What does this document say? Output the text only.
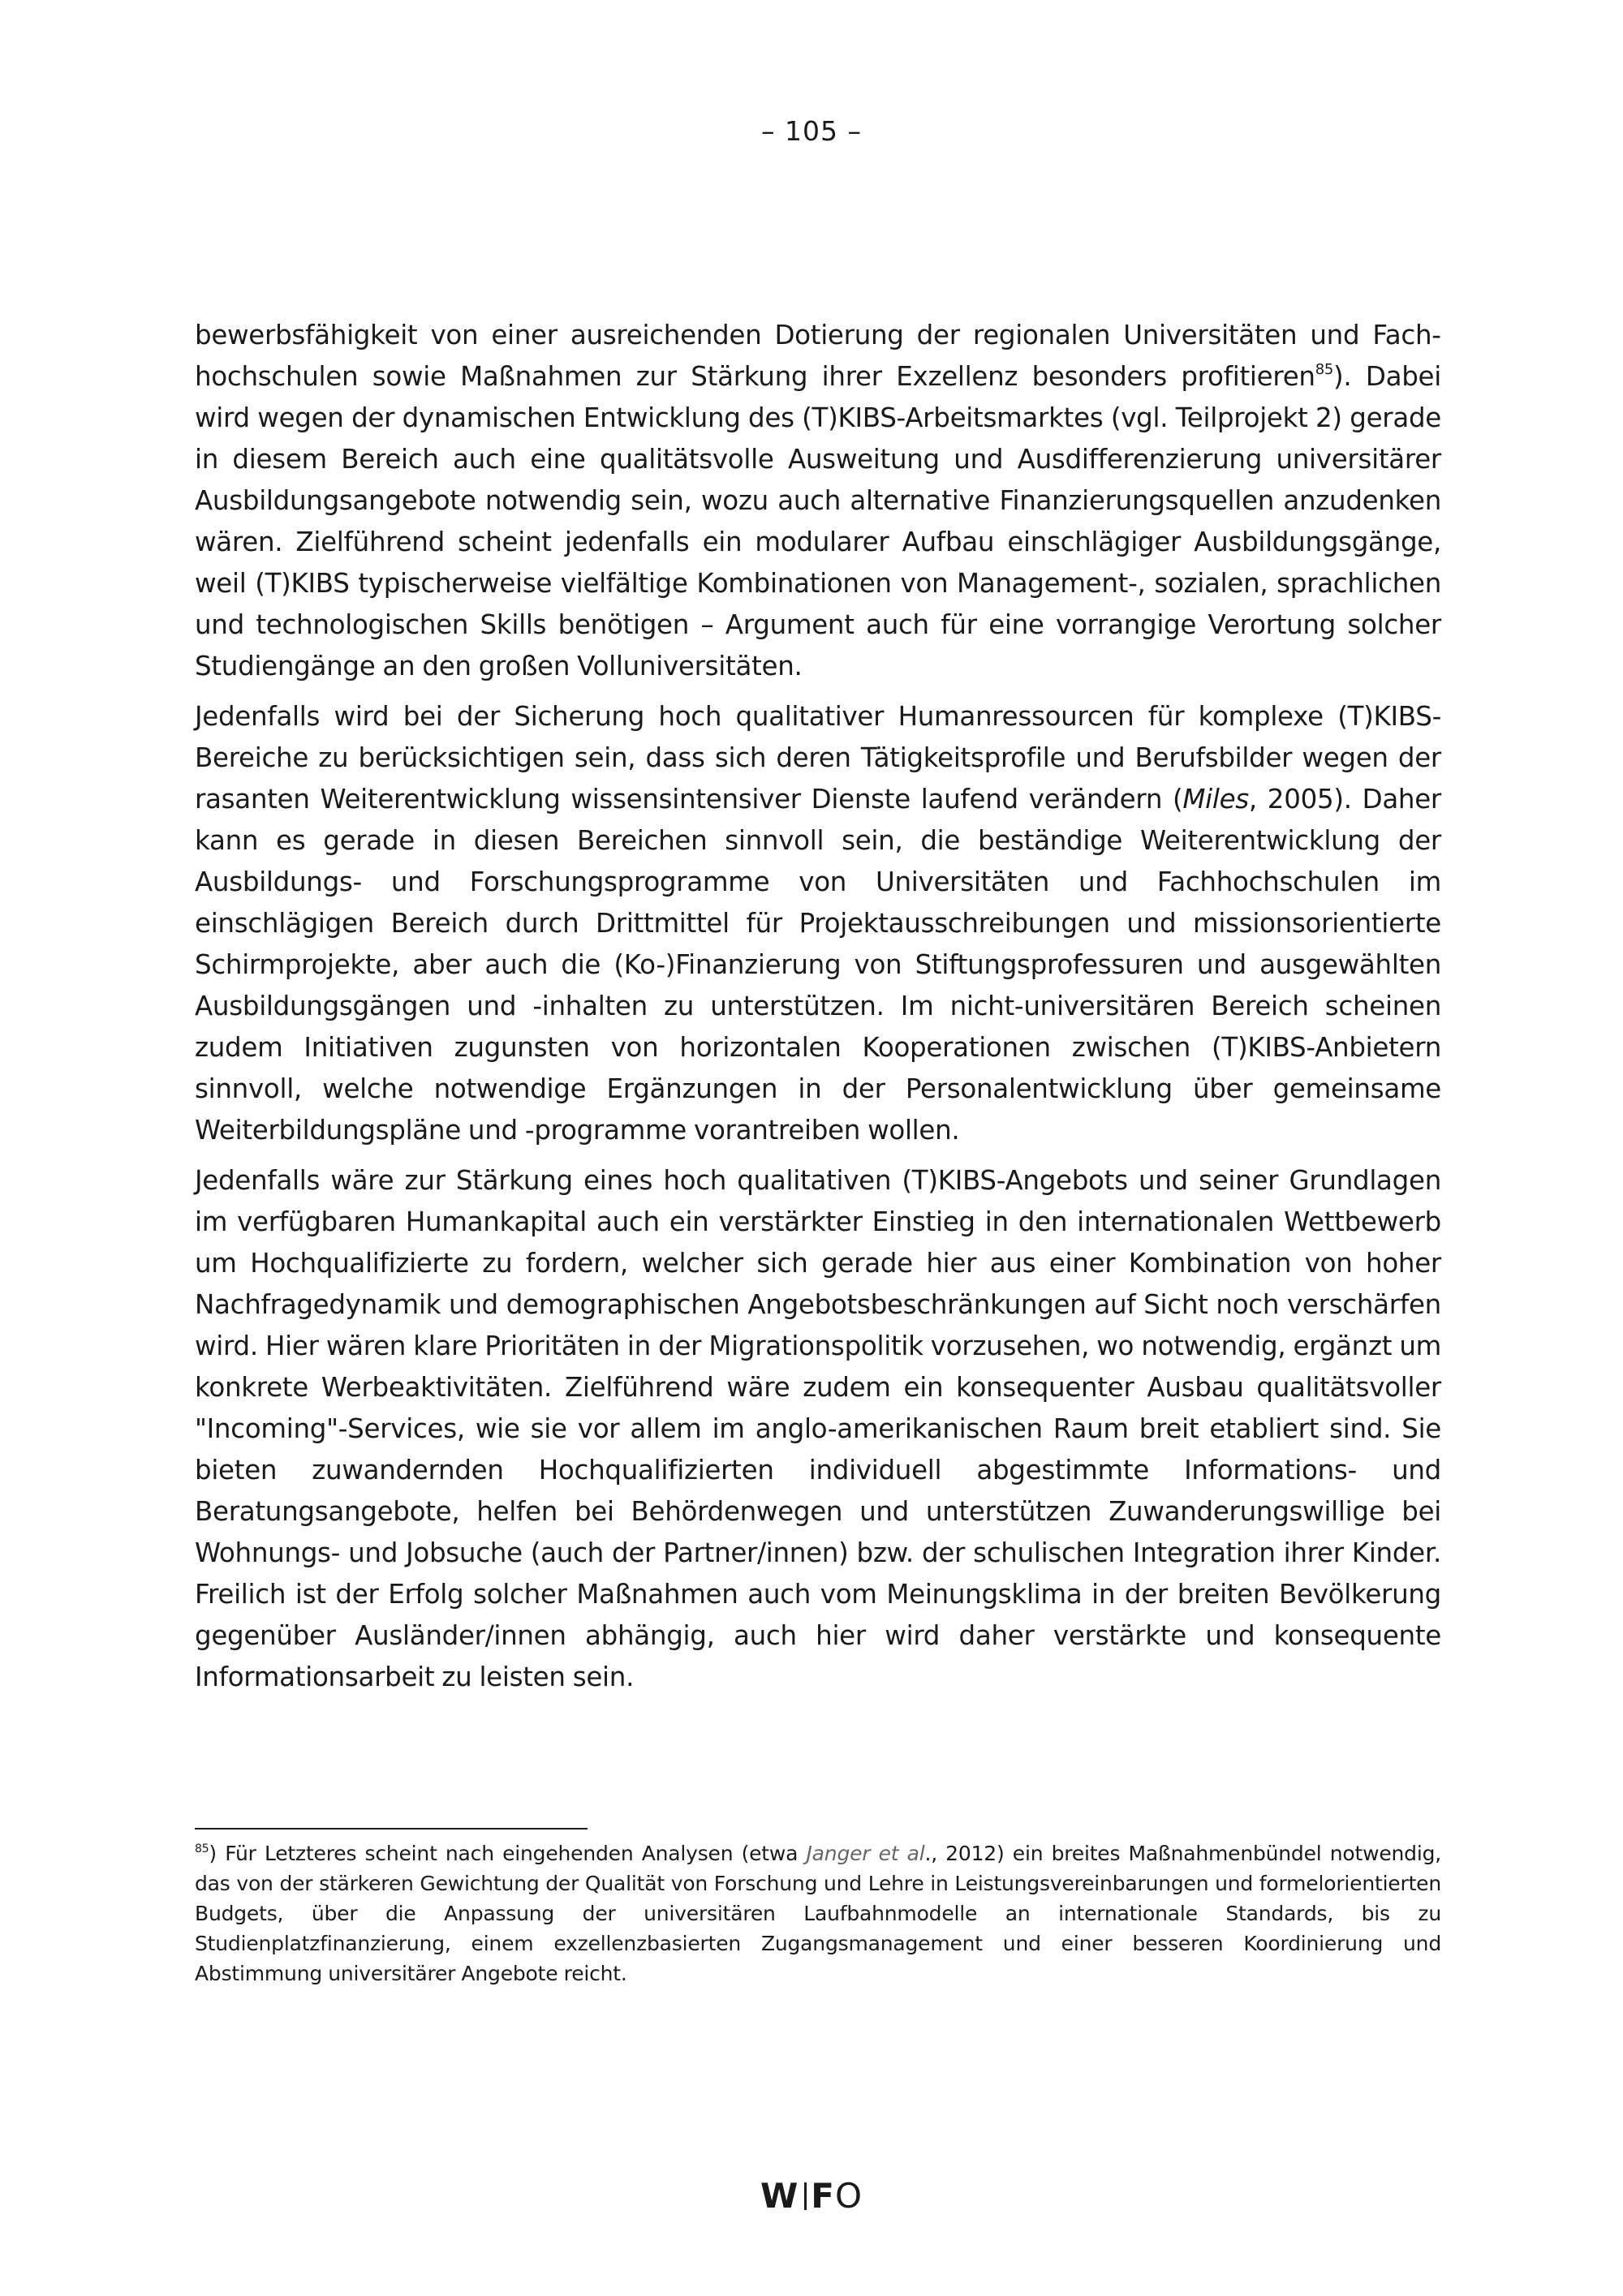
– 105 –

bewerbsfähigkeit von einer ausreichenden Dotierung der regionalen Universitäten und Fachhochschulen sowie Maßnahmen zur Stärkung ihrer Exzellenz besonders profitieren$^{85}$). Dabei wird wegen der dynamischen Entwicklung des (T)KIBS-Arbeitsmarktes (vgl. Teilprojekt 2) gerade in diesem Bereich auch eine qualitätsvolle Ausweitung und Ausdifferenzierung universitärer Ausbildungsangebote notwendig sein, wozu auch alternative Finanzierungsquellen anzudenken wären. Zielführend scheint jedenfalls ein modularer Aufbau einschlägiger Ausbildungsgänge, weil (T)KIBS typischerweise vielfältige Kombinationen von Management-, sozialen, sprachlichen und technologischen Skills benötigen – Argument auch für eine vorrangige Verortung solcher Studiengänge an den großen Volluniversitäten.

Jedenfalls wird bei der Sicherung hoch qualitativer Humanressourcen für komplexe (T)KIBS-Bereiche zu berücksichtigen sein, dass sich deren Tätigkeitsprofile und Berufsbilder wegen der rasanten Weiterentwicklung wissensintensiver Dienste laufend verändern (Miles, 2005). Daher kann es gerade in diesen Bereichen sinnvoll sein, die beständige Weiterentwicklung der Ausbildungs- und Forschungsprogramme von Universitäten und Fachhochschulen im einschlägigen Bereich durch Drittmittel für Projektausschreibungen und missionsorientierte Schirmprojekte, aber auch die (Ko-)Finanzierung von Stiftungsprofessuren und ausgewählten Ausbildungsgängen und -inhalten zu unterstützen. Im nicht-universitären Bereich scheinen zudem Initiativen zugunsten von horizontalen Kooperationen zwischen (T)KIBS-Anbietern sinnvoll, welche notwendige Ergänzungen in der Personalentwicklung über gemeinsame Weiterbildungspläne und -programme vorantreiben wollen.

Jedenfalls wäre zur Stärkung eines hoch qualitativen (T)KIBS-Angebots und seiner Grundlagen im verfügbaren Humankapital auch ein verstärkter Einstieg in den internationalen Wettbewerb um Hochqualifizierte zu fordern, welcher sich gerade hier aus einer Kombination von hoher Nachfragedynamik und demographischen Angebotsbeschränkungen auf Sicht noch verschärfen wird. Hier wären klare Prioritäten in der Migrationspolitik vorzusehen, wo notwendig, ergänzt um konkrete Werbeaktivitäten. Zielführend wäre zudem ein konsequenter Ausbau qualitätsvoller "Incoming"-Services, wie sie vor allem im anglo-amerikanischen Raum breit etabliert sind. Sie bieten zuwandernden Hochqualifizierten individuell abgestimmte Informations- und Beratungsangebote, helfen bei Behördenwegen und unterstützen Zuwanderungswillige bei Wohnungs- und Jobsuche (auch der Partner/innen) bzw. der schulischen Integration ihrer Kinder. Freilich ist der Erfolg solcher Maßnahmen auch vom Meinungsklima in der breiten Bevölkerung gegenüber Ausländer/innen abhängig, auch hier wird daher verstärkte und konsequente Informationsarbeit zu leisten sein.

$^{85}$) Für Letzteres scheint nach eingehenden Analysen (etwa Janger et al., 2012) ein breites Maßnahmenbündel notwendig, das von der stärkeren Gewichtung der Qualität von Forschung und Lehre in Leistungsvereinbarungen und formelorientierten Budgets, über die Anpassung der universitären Laufbahnmodelle an internationale Standards, bis zu Studienplatzfinanzierung, einem exzellenzbasierten Zugangsmanagement und einer besseren Koordinierung und Abstimmung universitärer Angebote reicht.

W FO
